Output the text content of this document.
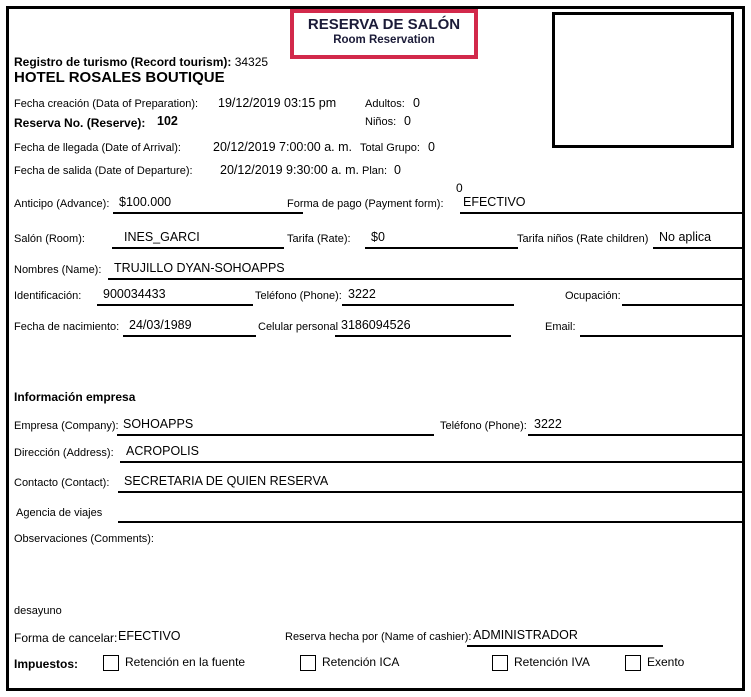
Registro de turismo (Record tourism): 34325
RESERVA DE SALÓN
Room Reservation
HOTEL ROSALES BOUTIQUE
Fecha creación (Data of Preparation): 19/12/2019 03:15 pm	Adultos: 0
Reserva No. (Reserve): 102	Niños: 0
Fecha de llegada (Date of Arrival):	20/12/2019 7:00:00 a. m. Total Grupo: 0
Fecha de salida (Date of Departure): 20/12/2019 9:30:00 a. m. Plan: 0
0
Anticipo (Advance): $100.000	Forma de pago (Payment form): EFECTIVO
Salón (Room):	INES_GARCI	Tarifa (Rate):	$0	Tarifa niños (Rate children) No aplica
Nombres (Name):	TRUJILLO DYAN-SOHOAPPS
Identificación:	900034433	Teléfono (Phone): 3222	Ocupación:
Fecha de nacimiento: 24/03/1989	Celular personal 3186094526	Email:
Información empresa
Empresa (Company): SOHOAPPS	Teléfono (Phone): 3222
Dirección (Address): ACROPOLIS
Contacto (Contact):	SECRETARIA DE QUIEN RESERVA
Agencia de viajes
Observaciones (Comments):
desayuno
Forma de cancelar: EFECTIVO	Reserva hecha por (Name of cashier): ADMINISTRADOR
Impuestos:	Retención en la fuente	Retención ICA	Retención IVA	Exento
